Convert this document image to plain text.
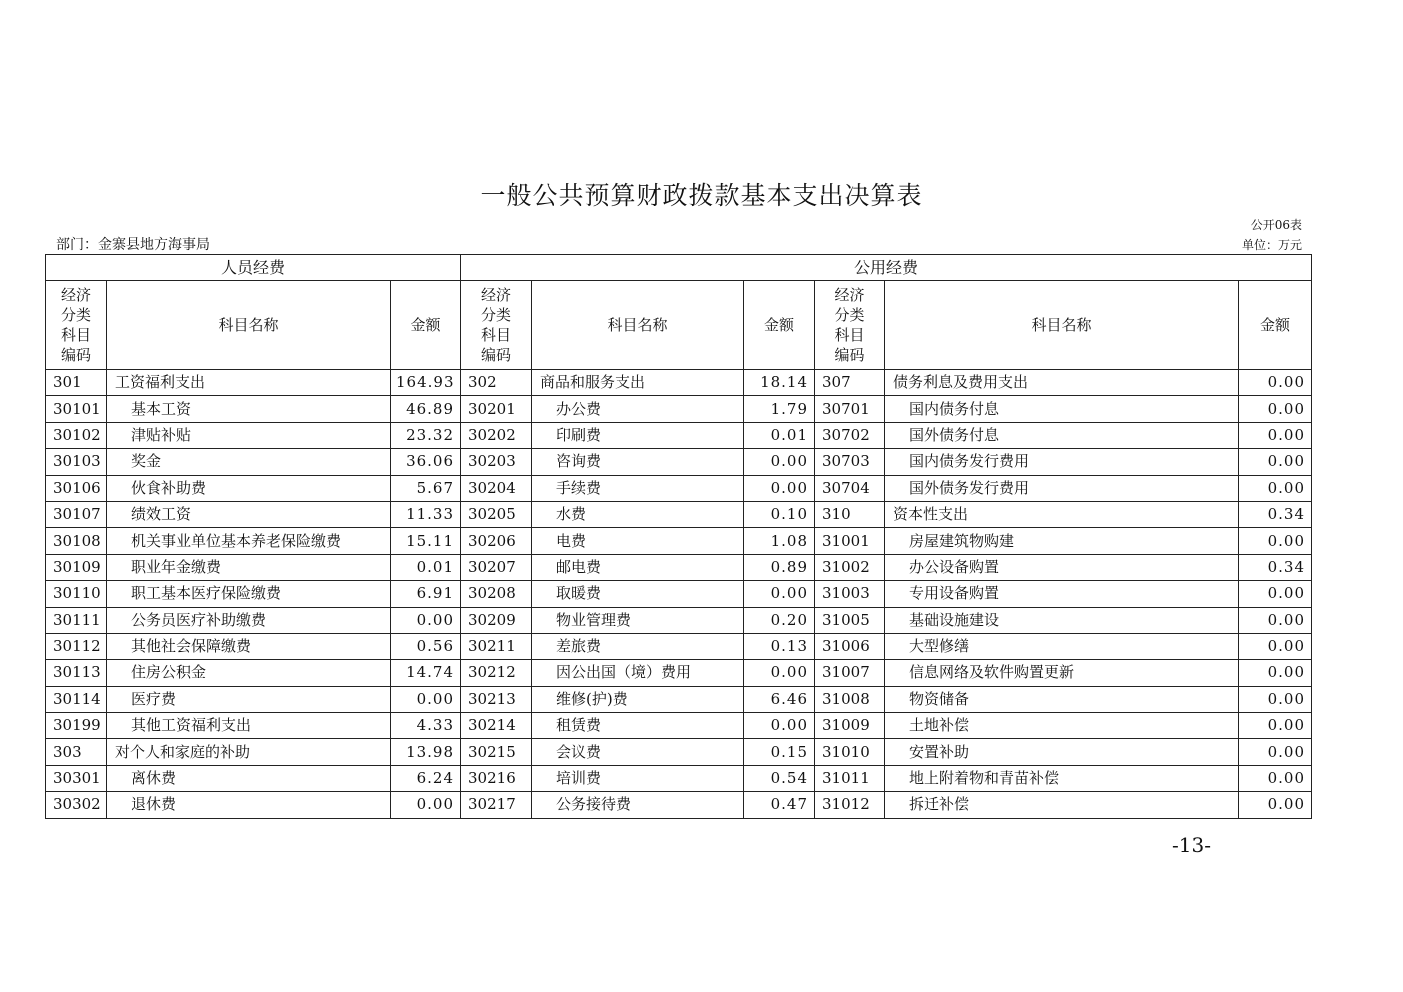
一般公共预算财政拨款基本支出决算表
公开06表
部门：金寨县地方海事局	单位：万元
人员经费			公用经费					
经济分类科目编码	科目名称	金额	经济分类科目编码	科目名称	金额	经济分类科目编码	科目名称	金额
301	工资福利支出	164.93	302	商品和服务支出	18.14	307	债务利息及费用支出	0.00
30101	基本工资	46.89	30201	办公费	1.79	30701	国内债务付息	0.00
30102	津贴补贴	23.32	30202	印刷费	0.01	30702	国外债务付息	0.00
30103	奖金	36.06	30203	咨询费	0.00	30703	国内债务发行费用	0.00
30106	伙食补助费	5.67	30204	手续费	0.00	30704	国外债务发行费用	0.00
30107	绩效工资	11.33	30205	水费	0.10	310	资本性支出	0.34
30108	机关事业单位基本养老保险缴费	15.11	30206	电费	1.08	31001	房屋建筑物购建	0.00
30109	职业年金缴费	0.01	30207	邮电费	0.89	31002	办公设备购置	0.34
30110	职工基本医疗保险缴费	6.91	30208	取暖费	0.00	31003	专用设备购置	0.00
30111	公务员医疗补助缴费	0.00	30209	物业管理费	0.20	31005	基础设施建设	0.00
30112	其他社会保障缴费	0.56	30211	差旅费	0.13	31006	大型修缮	0.00
30113	住房公积金	14.74	30212	因公出国（境）费用	0.00	31007	信息网络及软件购置更新	0.00
30114	医疗费	0.00	30213	维修(护)费	6.46	31008	物资储备	0.00
30199	其他工资福利支出	4.33	30214	租赁费	0.00	31009	土地补偿	0.00
303	对个人和家庭的补助	13.98	30215	会议费	0.15	31010	安置补助	0.00
30301	离休费	6.24	30216	培训费	0.54	31011	地上附着物和青苗补偿	0.00
30302	退休费	0.00	30217	公务接待费	0.47	31012	拆迁补偿	0.00
-13-
